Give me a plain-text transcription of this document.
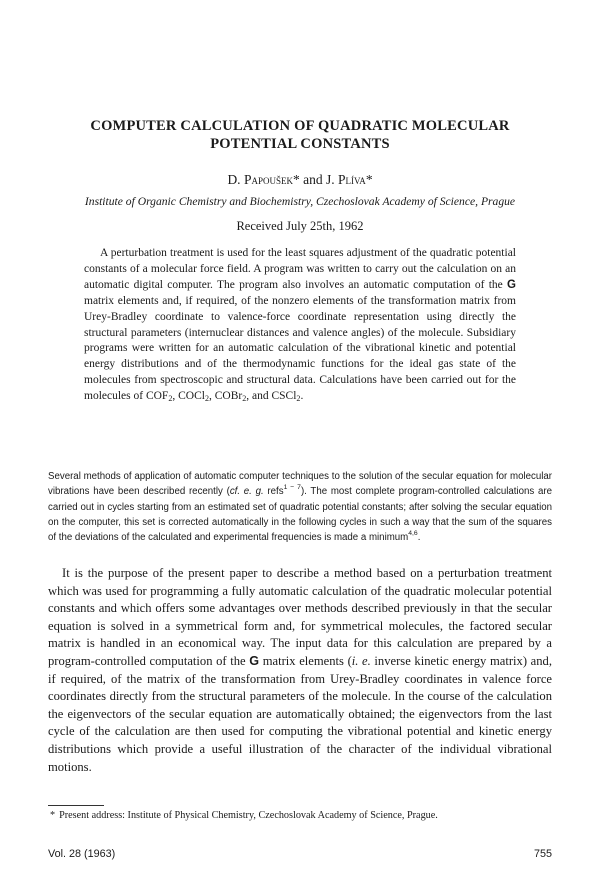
COMPUTER CALCULATION OF QUADRATIC MOLECULAR
POTENTIAL CONSTANTS

D. Papoušek* and J. Plíva*

Institute of Organic Chemistry and Biochemistry, Czechoslovak Academy of Science, Prague

Received July 25th, 1962

A perturbation treatment is used for the least squares adjustment of the quadratic potential constants of a molecular force field. A program was written to carry out the calculation on an automatic digital computer. The program also involves an automatic computation of the G matrix elements and, if required, of the nonzero elements of the transformation matrix from Urey-Bradley coordinate to valence-force coordinate representation using directly the structural parameters (internuclear distances and valence angles) of the molecule. Subsidiary programs were written for an automatic calculation of the vibrational kinetic and potential energy distributions and of the thermodynamic functions for the ideal gas state of the molecules from spectroscopic and structural data. Calculations have been carried out for the molecules of $COF_2$, COCl$_2$, COBr$_2$, and CSCl$_2$.

Several methods of application of automatic computer techniques to the solution of the secular equation for molecular vibrations have been described recently (cf. e. g. refs$^{1 - 7}$). The most complete program-controlled calculations are carried out in cycles starting from an estimated set of quadratic potential constants; after solving the secular equation on the computer, this set is corrected automatically in the following cycles in such a way that the sum of the squares of the deviations of the calculated and experimental frequencies is made a minimum$^{4,6}$.

It is the purpose of the present paper to describe a method based on a perturbation treatment which was used for programming a fully automatic calculation of the quadratic molecular potential constants and which offers some advantages over methods described previously in that the secular equation is solved in a symmetrical form and, for symmetrical molecules, the factored secular matrix is handled in an economical way. The input data for this calculation are prepared by a program-controlled computation of the G matrix elements (i. e. inverse kinetic energy matrix) and, if required, of the matrix of the transformation from Urey-Bradley coordinates in valence force coordinates directly from the structural parameters of the molecule. In the course of the calculation the eigenvectors of the secular equation are automatically obtained; the eigenvectors from the last cycle of the calculation are then used for computing the vibrational potential and kinetic energy distributions which provide a useful illustration of the character of the individual vibrational motions.

* Present address: Institute of Physical Chemistry, Czechoslovak Academy of Science, Prague.

Vol. 28 (1963)	755
